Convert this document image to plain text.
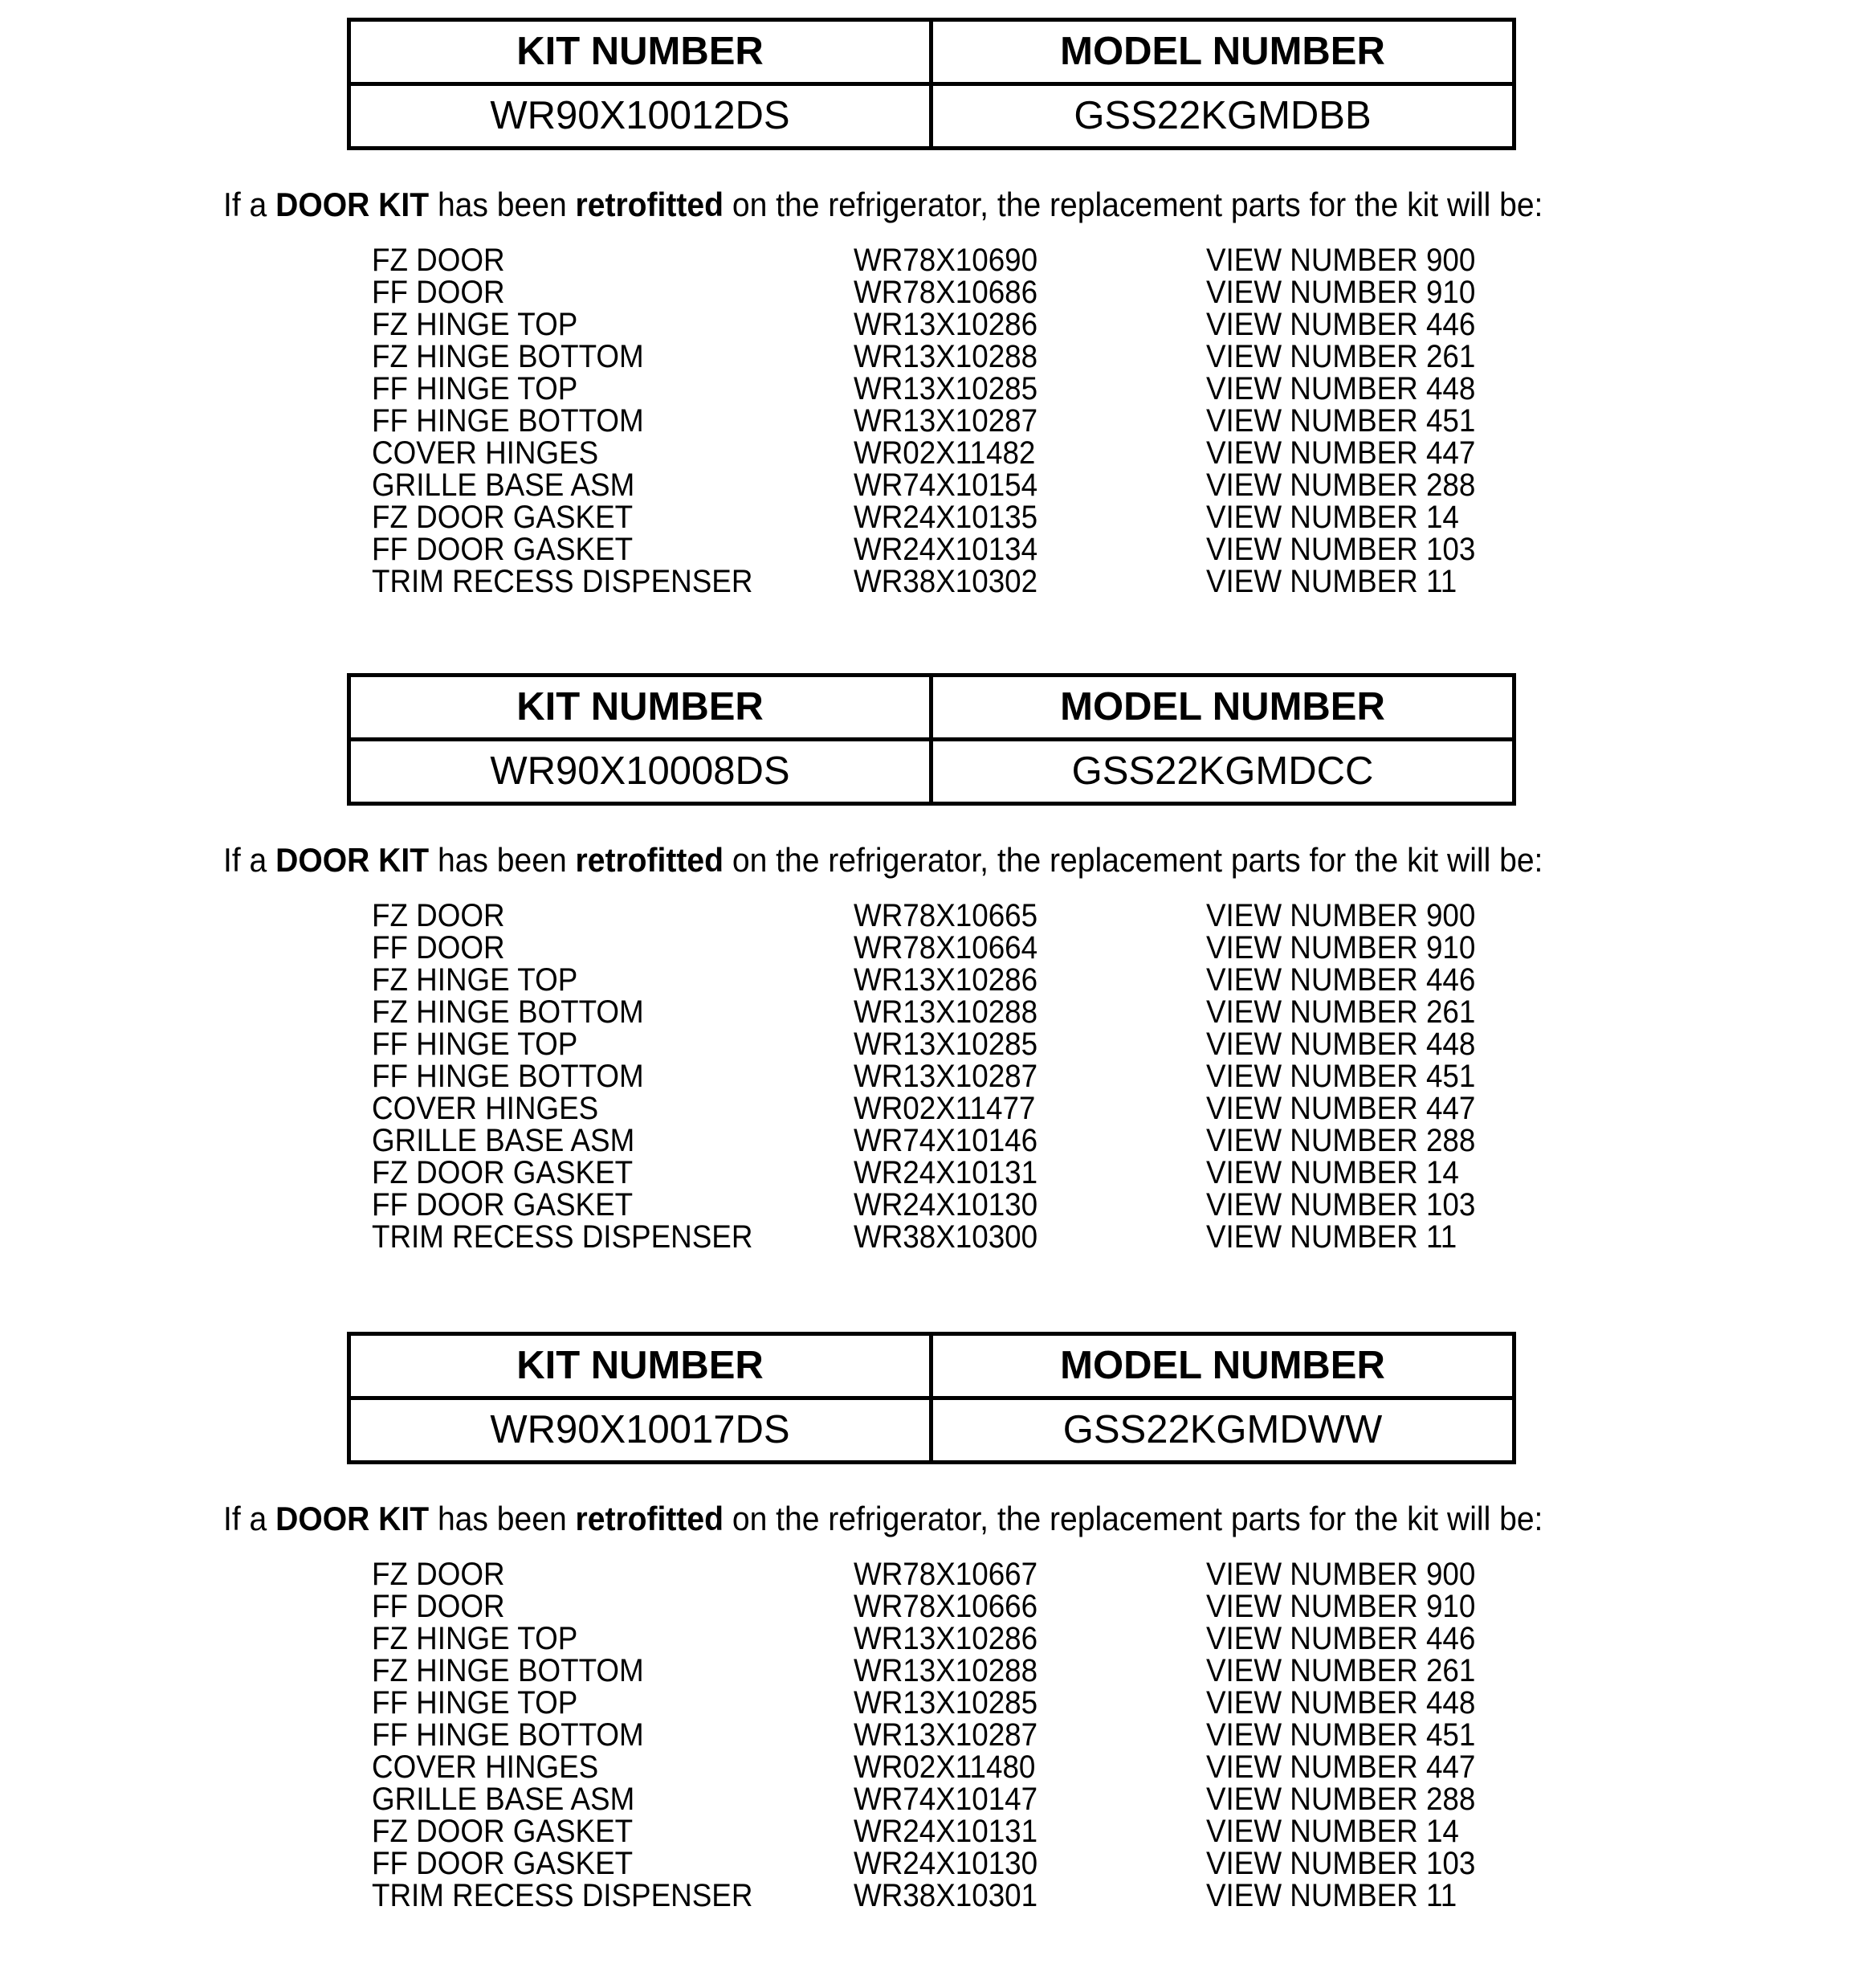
KIT NUMBER	MODEL NUMBER
WR90X10012DS	GSS22KGMDBB
If a DOOR KIT has been retrofitted on the refrigerator, the replacement parts for the kit will be:
FZ DOOR	WR78X10690	VIEW NUMBER 900
FF DOOR	WR78X10686	VIEW NUMBER 910
FZ HINGE TOP	WR13X10286	VIEW NUMBER 446
FZ HINGE BOTTOM	WR13X10288	VIEW NUMBER 261
FF HINGE TOP	WR13X10285	VIEW NUMBER 448
FF HINGE BOTTOM	WR13X10287	VIEW NUMBER 451
COVER HINGES	WR02X11482	VIEW NUMBER 447
GRILLE BASE ASM	WR74X10154	VIEW NUMBER 288
FZ DOOR GASKET	WR24X10135	VIEW NUMBER 14
FF DOOR GASKET	WR24X10134	VIEW NUMBER 103
TRIM RECESS DISPENSER	WR38X10302	VIEW NUMBER 11
KIT NUMBER	MODEL NUMBER
WR90X10008DS	GSS22KGMDCC
If a DOOR KIT has been retrofitted on the refrigerator, the replacement parts for the kit will be:
FZ DOOR	WR78X10665	VIEW NUMBER 900
FF DOOR	WR78X10664	VIEW NUMBER 910
FZ HINGE TOP	WR13X10286	VIEW NUMBER 446
FZ HINGE BOTTOM	WR13X10288	VIEW NUMBER 261
FF HINGE TOP	WR13X10285	VIEW NUMBER 448
FF HINGE BOTTOM	WR13X10287	VIEW NUMBER 451
COVER HINGES	WR02X11477	VIEW NUMBER 447
GRILLE BASE ASM	WR74X10146	VIEW NUMBER 288
FZ DOOR GASKET	WR24X10131	VIEW NUMBER 14
FF DOOR GASKET	WR24X10130	VIEW NUMBER 103
TRIM RECESS DISPENSER	WR38X10300	VIEW NUMBER 11
KIT NUMBER	MODEL NUMBER
WR90X10017DS	GSS22KGMDWW
If a DOOR KIT has been retrofitted on the refrigerator, the replacement parts for the kit will be:
FZ DOOR	WR78X10667	VIEW NUMBER 900
FF DOOR	WR78X10666	VIEW NUMBER 910
FZ HINGE TOP	WR13X10286	VIEW NUMBER 446
FZ HINGE BOTTOM	WR13X10288	VIEW NUMBER 261
FF HINGE TOP	WR13X10285	VIEW NUMBER 448
FF HINGE BOTTOM	WR13X10287	VIEW NUMBER 451
COVER HINGES	WR02X11480	VIEW NUMBER 447
GRILLE BASE ASM	WR74X10147	VIEW NUMBER 288
FZ DOOR GASKET	WR24X10131	VIEW NUMBER 14
FF DOOR GASKET	WR24X10130	VIEW NUMBER 103
TRIM RECESS DISPENSER	WR38X10301	VIEW NUMBER 11
